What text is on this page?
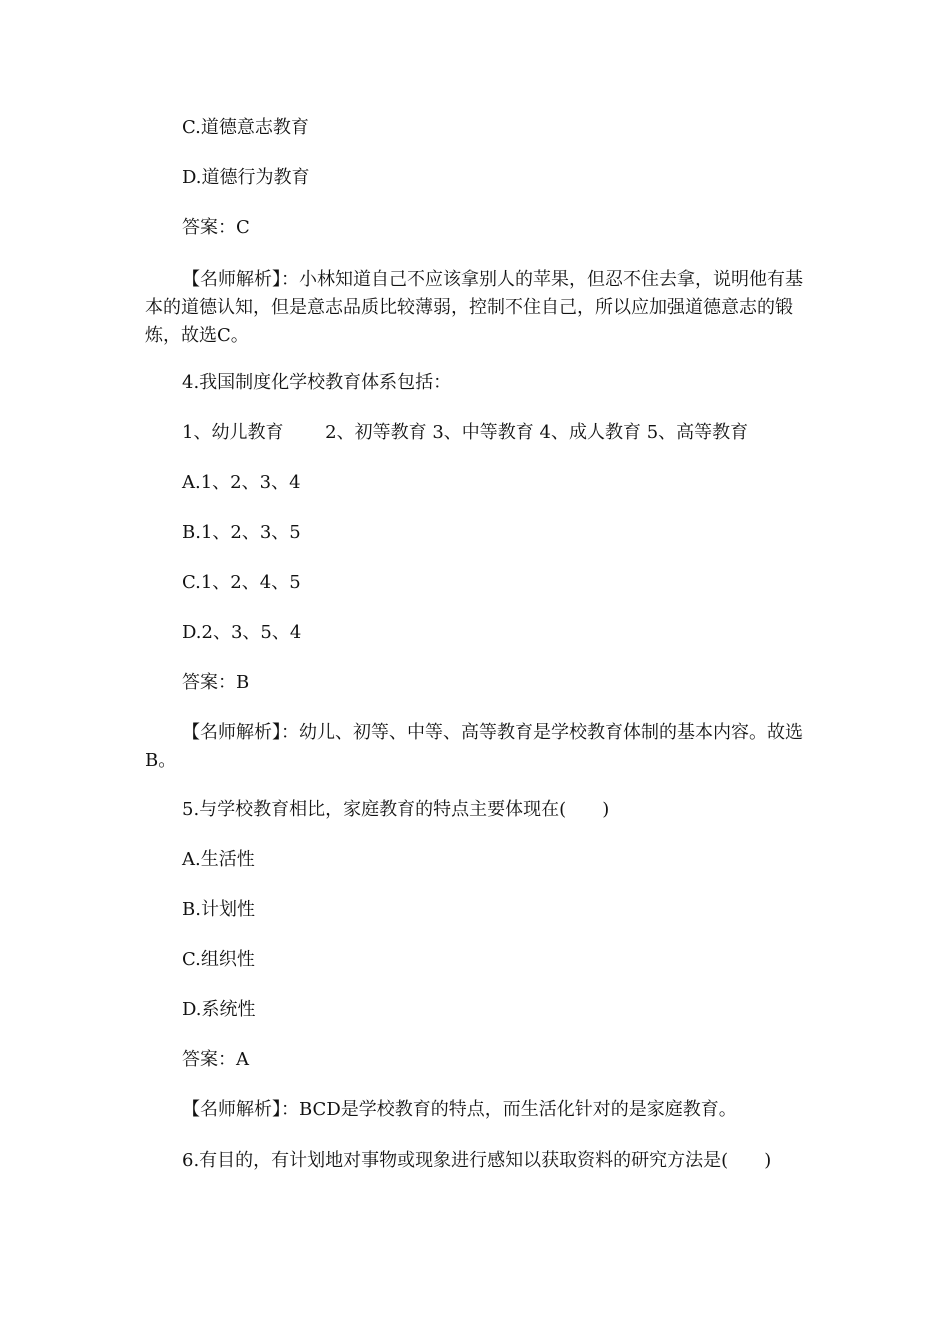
C.道德意志教育
D.道德行为教育
答案：C
【名师解析】：小林知道自己不应该拿别人的苹果，但忍不住去拿，说明他有基本的道德认知，但是意志品质比较薄弱，控制不住自己，所以应加强道德意志的锻炼，故选C。
4.我国制度化学校教育体系包括：
1、幼儿教育　　 2、初等教育 3、中等教育 4、成人教育 5、高等教育
A.1、2、3、4
B.1、2、3、5
C.1、2、4、5
D.2、3、5、4
答案：B
【名师解析】：幼儿、初等、中等、高等教育是学校教育体制的基本内容。故选B。
5.与学校教育相比，家庭教育的特点主要体现在(　　)
A.生活性
B.计划性
C.组织性
D.系统性
答案：A
【名师解析】：BCD是学校教育的特点，而生活化针对的是家庭教育。
6.有目的，有计划地对事物或现象进行感知以获取资料的研究方法是(　　)
